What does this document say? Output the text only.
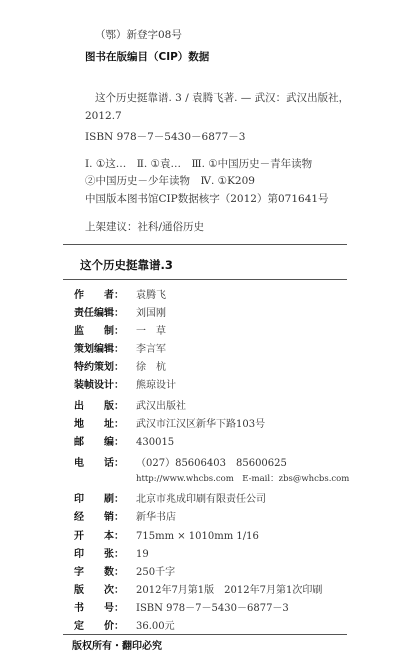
（鄂）新登字08号
图书在版编目（CIP）数据
这个历史挺靠谱. 3 / 袁腾飞著. — 武汉：武汉出版社，
2012.7
ISBN 978－7－5430－6877－3
Ⅰ. ①这…　Ⅱ. ①袁…　Ⅲ. ①中国历史－青年读物
②中国历史－少年读物　Ⅳ. ①K209
中国版本图书馆CIP数据核字（2012）第071641号
上架建议：社科/通俗历史
这个历史挺靠谱.3
作　　者： 袁腾飞
责任编辑： 刘国刚
监　　制： 一　草
策划编辑： 李言军
特约策划： 徐　杭
装帧设计： 熊琼设计
出　　版： 武汉出版社
地　　址： 武汉市江汉区新华下路103号
邮　　编： 430015
电　　话： （027）85606403　85600625
http://www.whcbs.com　E-mail：zbs@whcbs.com
印　　刷： 北京市兆成印刷有限责任公司
经　　销： 新华书店
开　　本： 715mm × 1010mm 1/16
印　　张： 19
字　　数： 250千字
版　　次： 2012年7月第1版　2012年7月第1次印刷
书　　号： ISBN 978－7－5430－6877－3
定　　价： 36.00元
版权所有・翻印必究
